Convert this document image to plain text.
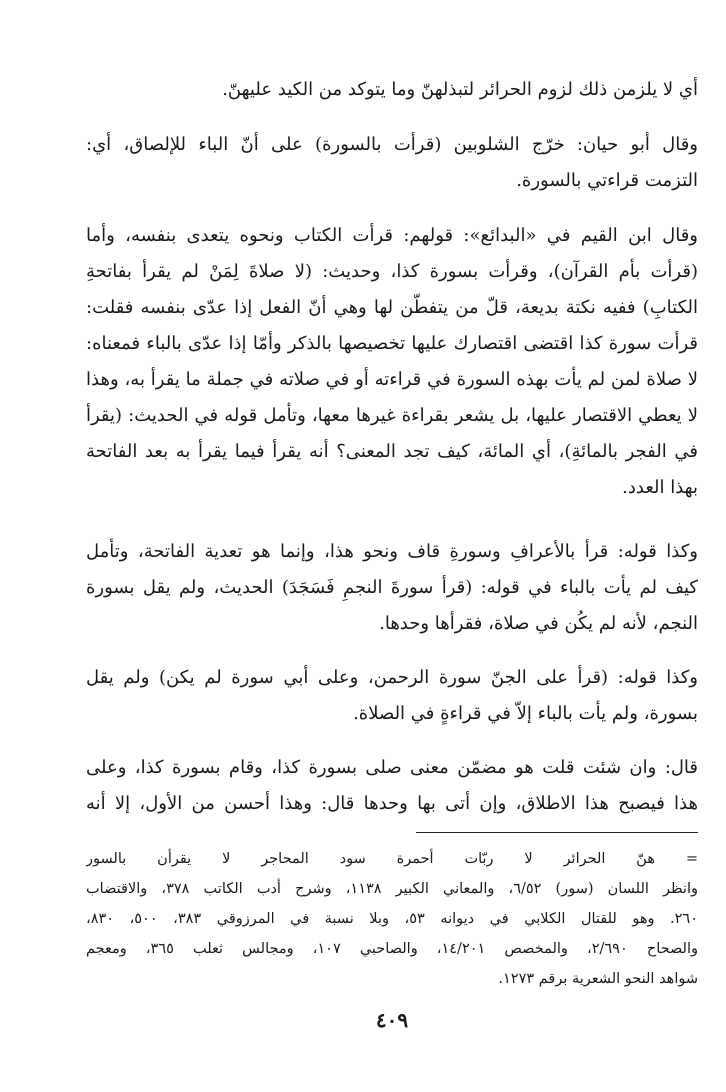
أي لا يلزمن ذلك لزوم الحرائر لتبذلهنّ وما يتوكد من الكيد عليهنّ.

وقال أبو حيان: خرّج الشلوبين (قرأت بالسورة) على أنّ الباء للإلصاق، أي:
التزمت قراءتي بالسورة.

وقال ابن القيم في «البدائع»: قولهم: قرأت الكتاب ونحوه يتعدى بنفسه، وأما
(قرأت بأم القرآن)، وقرأت بسورة كذا، وحديث: (لا صلاةَ لِمَنْ لم يقرأ بفاتحةِ
الكتابِ) ففيه نكتة بديعة، قلّ من يتفطّن لها وهي أنّ الفعل إذا عدّى بنفسه فقلت:
قرأت سورة كذا اقتضى اقتصارك عليها تخصيصها بالذكر وأمّا إذا عدّى بالباء فمعناه:
لا صلاة لمن لم يأت بهذه السورة في قراءته أو في صلاته في جملة ما يقرأ به، وهذا
لا يعطي الاقتصار عليها، بل يشعر بقراءة غيرها معها، وتأمل قوله في الحديث: (يقرأ
في الفجر بالمائةِ)، أي المائة، كيف تجد المعنى؟ أنه يقرأ فيما يقرأ به بعد الفاتحة
بهذا العدد.

وكذا قوله: قرأ بالأعرافِ وسورةِ قاف ونحو هذا، وإنما هو تعدية الفاتحة، وتأمل
كيف لم يأت بالباء في قوله: (قرأ سورةَ النجمِ فَسَجَدَ) الحديث، ولم يقل بسورة
النجم، لأنه لم يكُن في صلاة، فقرأها وحدها.

وكذا قوله: (قرأ على الجنّ سورة الرحمن، وعلى أبي سورة لم يكن) ولم يقل
بسورة، ولم يأت بالباء إلاّ في قراءةٍ في الصلاة.

قال: وان شئت قلت هو مضمّن معنى صلى بسورة كذا، وقام بسورة كذا، وعلى
هذا فيصبح هذا الاطلاق، وإن أتى بها وحدها قال: وهذا أحسن من الأول، إلا أنه

= هنّ الحرائر لا ربّات أحمرة سود المحاجر لا يقرأن بالسور
وانظر اللسان (سور) ٦/٥٢، والمعاني الكبير ١١٣٨، وشرح أدب الكاتب ٣٧٨، والاقتضاب
٢٦٠. وهو للقتال الكلابي في ديوانه ٥٣، وبلا نسبة في المرزوقي ٣٨٣، ٥٠٠، ٨٣٠،
والصحاح ٢/٦٩٠، والمخصص ١٤/٢٠١، والصاحبي ١٠٧، ومجالس ثعلب ٣٦٥، ومعجم
شواهد النحو الشعرية برقم ١٢٧٣.
٤٠٩
